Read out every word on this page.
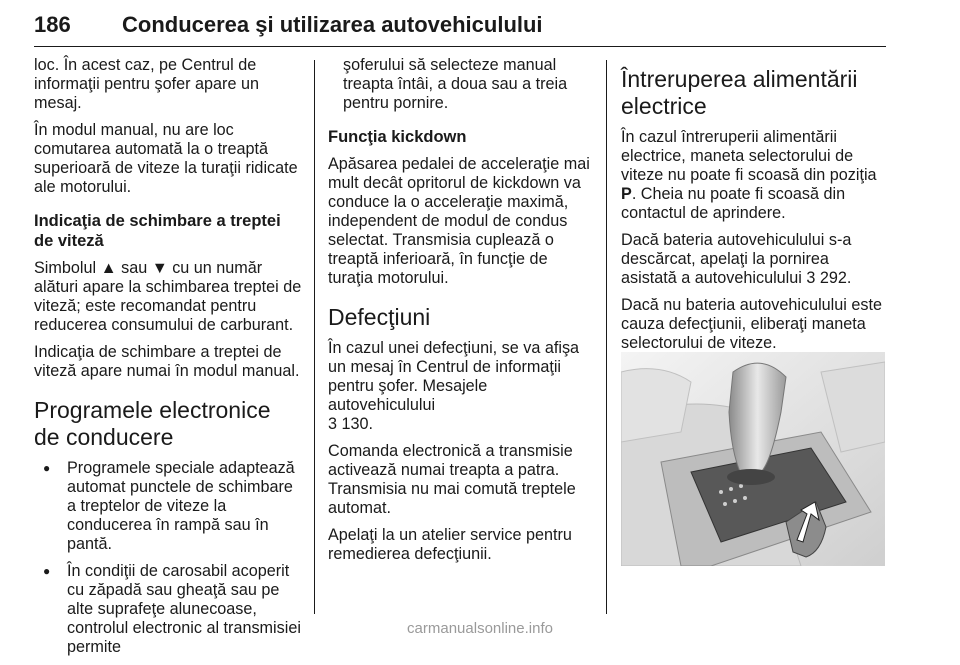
186 Conducerea şi utilizarea autovehiculului

loc. În acest caz, pe Centrul de informaţii pentru şofer apare un mesaj.

În modul manual, nu are loc comutarea automată la o treaptă superioară de viteze la turaţii ridicate ale motorului.

Indicaţia de schimbare a treptei de viteză

Simbolul ▲ sau ▼ cu un număr alături apare la schimbarea treptei de viteză; este recomandat pentru reducerea consumului de carburant.

Indicaţia de schimbare a treptei de viteză apare numai în modul manual.

Programele electronice de conducere
● Programele speciale adaptează automat punctele de schimbare a treptelor de viteze la conducerea în rampă sau în pantă.
● În condiţii de carosabil acoperit cu zăpadă sau gheaţă sau pe alte suprafeţe alunecoase, controlul electronic al transmisiei permite

şoferului să selecteze manual treapta întâi, a doua sau a treia pentru pornire.

Funcţia kickdown

Apăsarea pedalei de acceleraţie mai mult decât opritorul de kickdown va conduce la o acceleraţie maximă, independent de modul de condus selectat. Transmisia cuplează o treaptă inferioară, în funcţie de turaţia motorului.

Defecţiuni

În cazul unei defecţiuni, se va afişa un mesaj în Centrul de informaţii pentru şofer. Mesajele autovehiculului
3 130.

Comanda electronică a transmisie activează numai treapta a patra. Transmisia nu mai comută treptele automat.

Apelaţi la un atelier service pentru remedierea defecţiunii.

Întreruperea alimentării electrice

În cazul întreruperii alimentării electrice, maneta selectorului de viteze nu poate fi scoasă din poziţia P. Cheia nu poate fi scoasă din contactul de aprindere.

Dacă bateria autovehiculului s-a descărcat, apelaţi la pornirea asistată a autovehiculului 3 292.

Dacă nu bateria autovehiculului este cauza defecţiunii, eliberaţi maneta selectorului de viteze.

carmanualsonline.info
